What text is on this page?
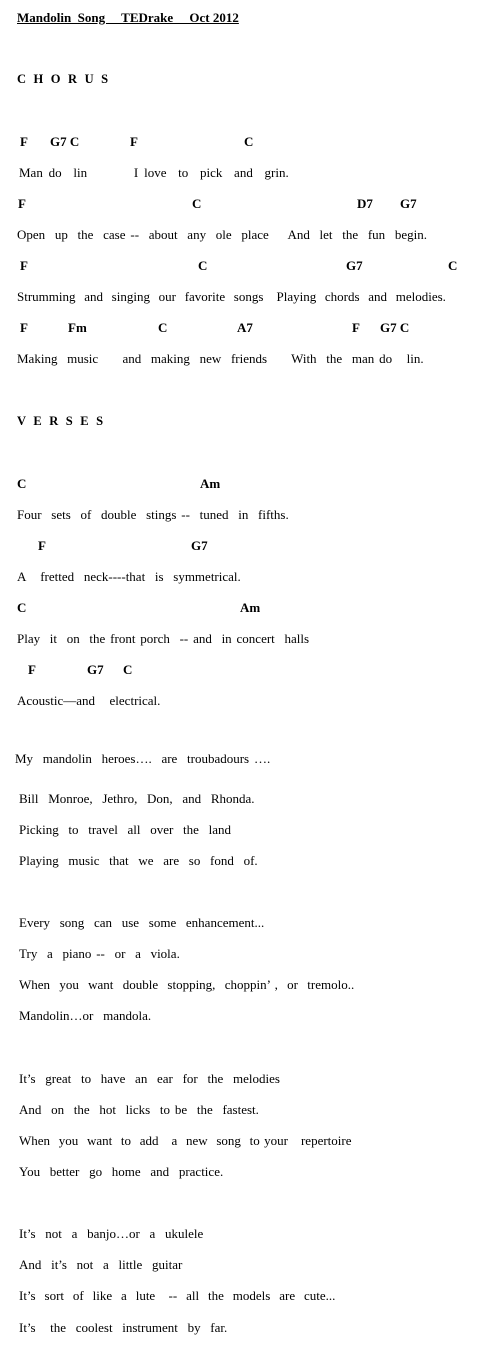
Mandolin  Song     TEDrake     Oct 2012
C H O R U S
F G7 C	F	C
Man do  lin        I love  to  pick  and  grin.
F	C	D7 G7
Open  up  the  case --  about  any  ole  place    And  let  the  fun  begin.
F	C	G7	C
Strumming  and  singing  our  favorite  songs   Playing  chords  and  melodies.
F	Fm	C	A7	F G7 C
Making  music     and  making  new  friends     With  the  man do   lin.
V E R S E S
C	Am
Four  sets  of  double  stings --  tuned  in  fifths.
F	G7
A   fretted  neck----that  is  symmetrical.
C	Am
Play  it  on  the front porch  -- and  in concert  halls
F	G7 C
Acoustic—and   electrical.
My  mandolin  heroes….  are  troubadours ….
Bill  Monroe,  Jethro,  Don,  and  Rhonda.
Picking  to  travel  all  over  the  land
Playing  music  that  we  are  so  fond  of.
Every  song  can  use  some  enhancement...
Try  a  piano --  or  a  viola.
When  you  want  double  stopping,  choppin’ ,  or  tremolo..
Mandolin…or  mandola.
It’s  great  to  have  an  ear  for  the  melodies
And  on  the  hot  licks  to be  the  fastest.
When  you  want  to  add   a  new  song  to your   repertoire
You  better  go  home  and  practice.
It’s  not  a  banjo…or  a  ukulele
And  it’s  not  a  little  guitar
It’s  sort  of  like  a  lute   --  all  the  models  are  cute...
It’s   the  coolest  instrument  by  far.
